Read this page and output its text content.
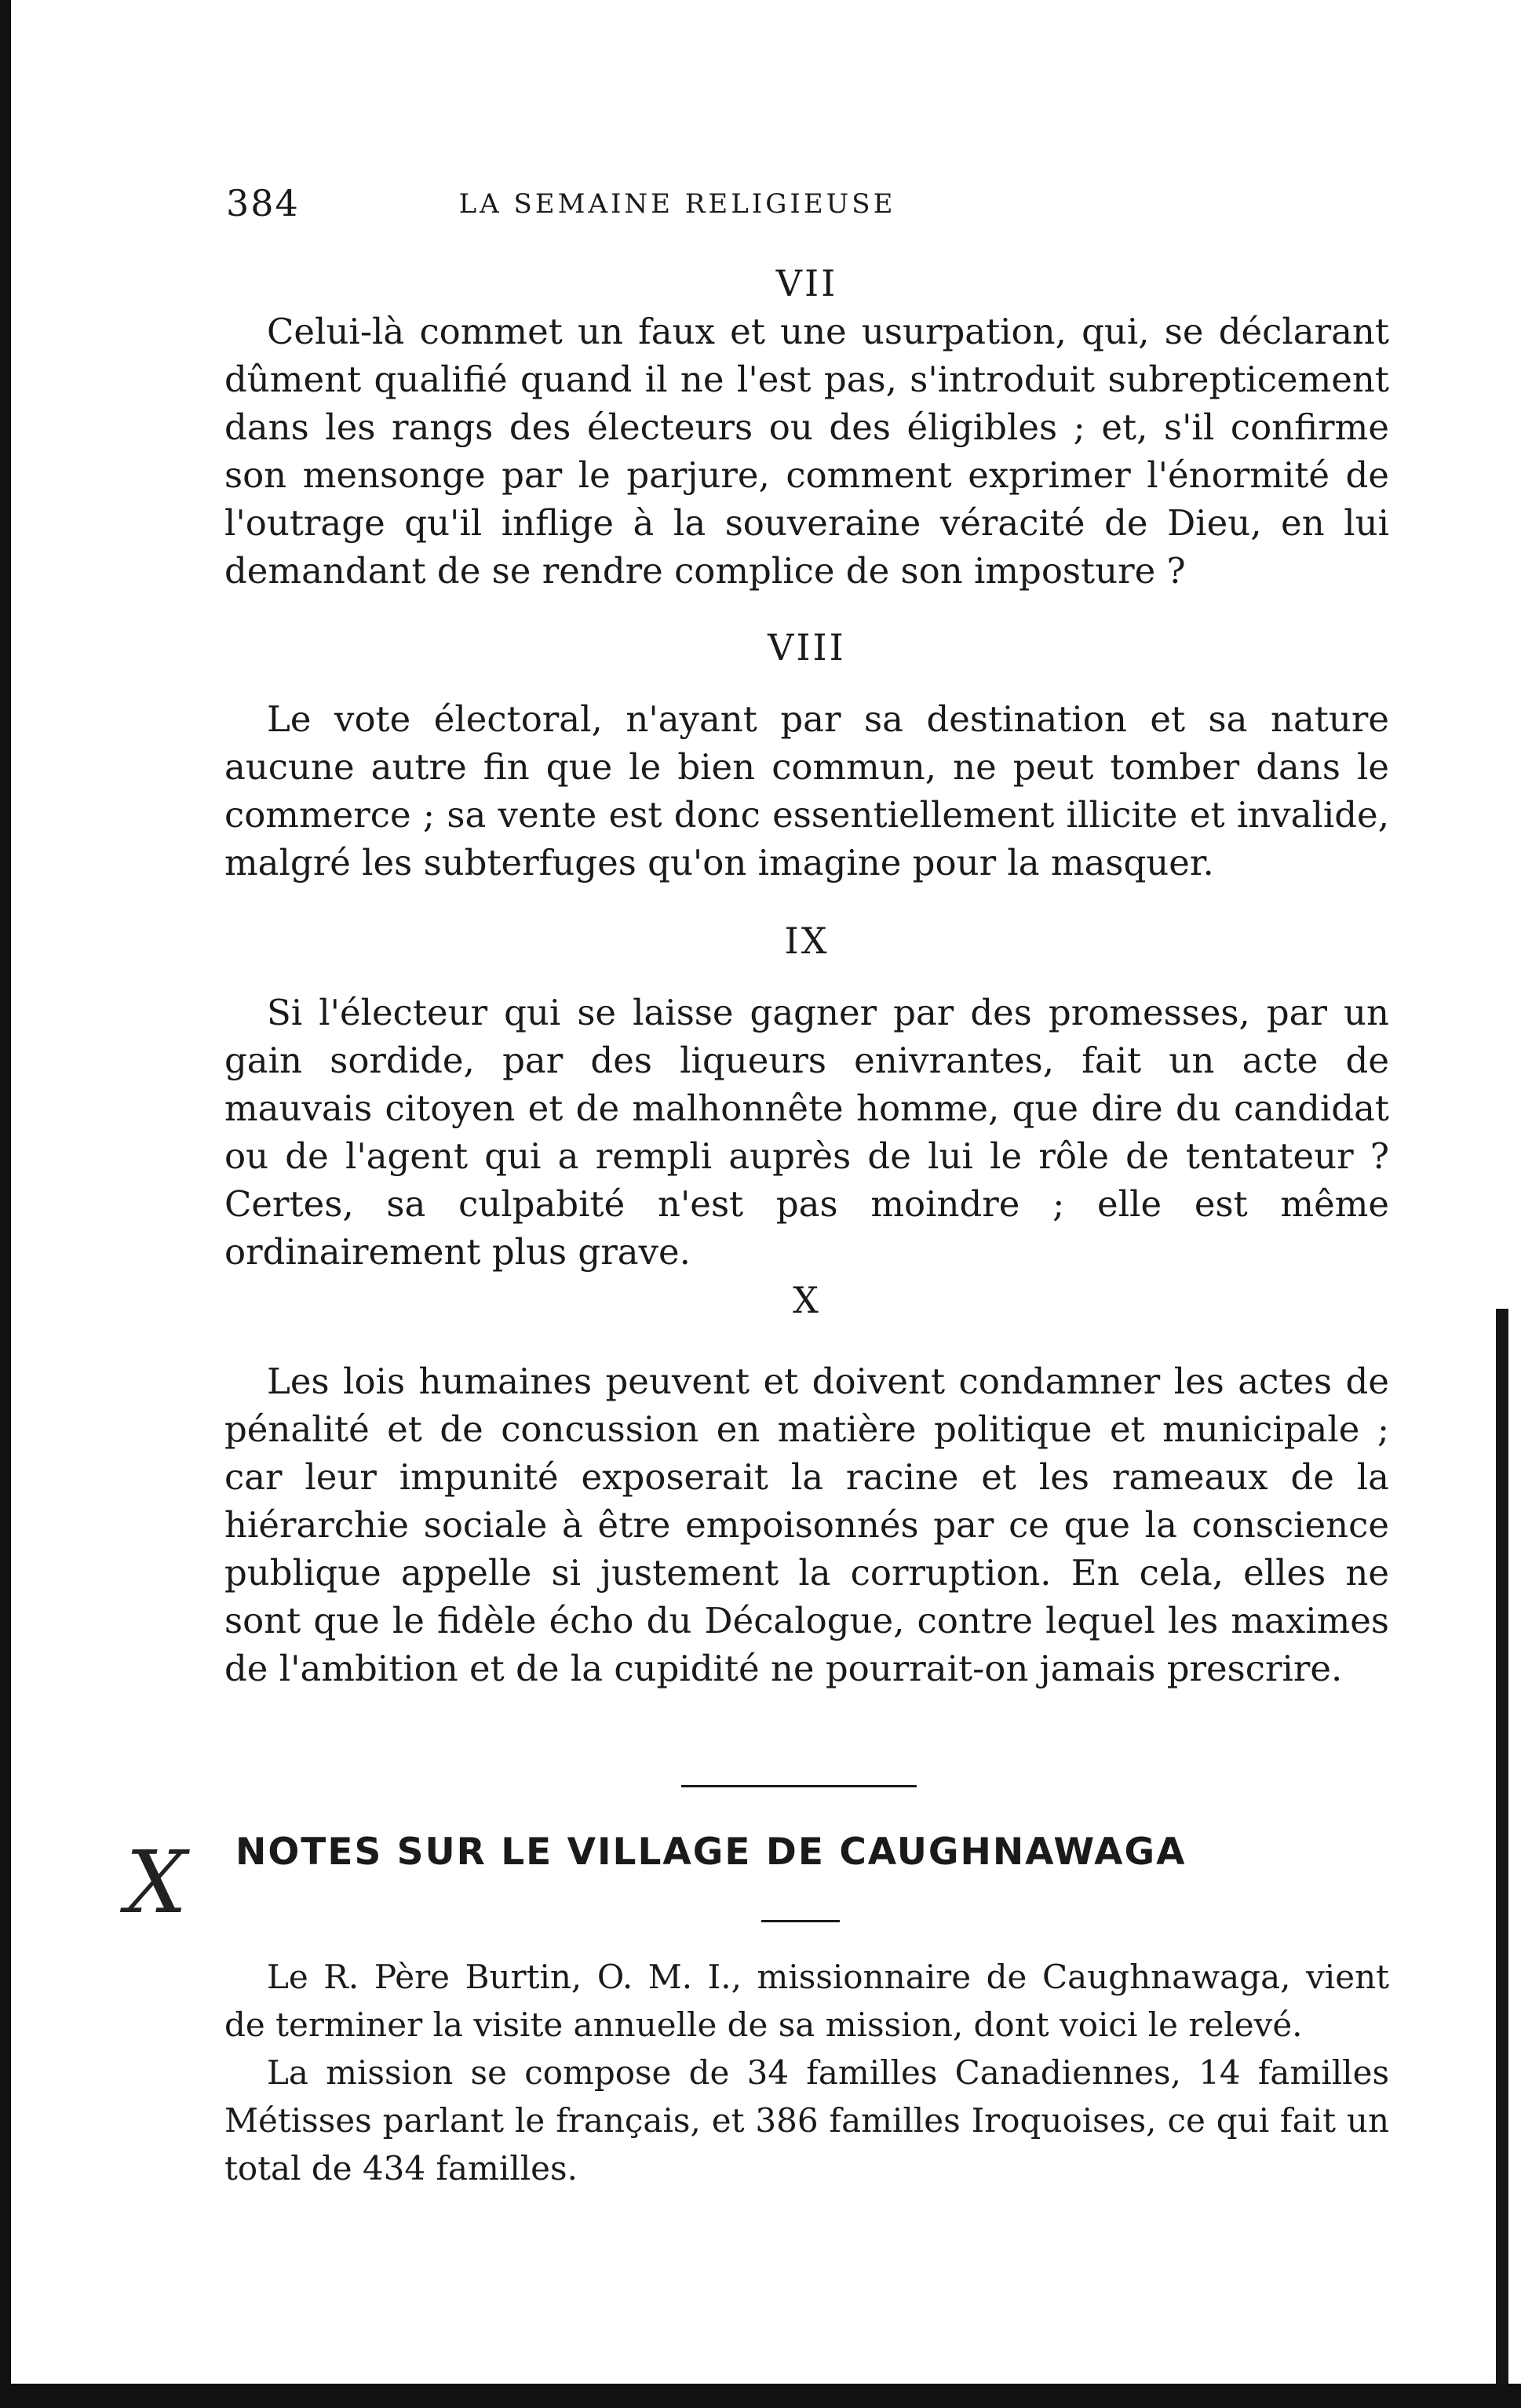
384	LA SEMAINE RELIGIEUSE
VII

Celui-là commet un faux et une usurpation, qui, se déclarant dûment qualifié quand il ne l'est pas, s'introduit subrepticement dans les rangs des électeurs ou des éligibles ; et, s'il confirme son mensonge par le parjure, comment exprimer l'énormité de l'outrage qu'il inflige à la souveraine véracité de Dieu, en lui demandant de se rendre complice de son imposture ?

VIII

Le vote électoral, n'ayant par sa destination et sa nature aucune autre fin que le bien commun, ne peut tomber dans le commerce ; sa vente est donc essentiellement illicite et invalide, malgré les subterfuges qu'on imagine pour la masquer.

IX

Si l'électeur qui se laisse gagner par des promesses, par un gain sordide, par des liqueurs enivrantes, fait un acte de mauvais citoyen et de malhonnête homme, que dire du candidat ou de l'agent qui a rempli auprès de lui le rôle de tentateur ? Certes, sa culpabité n'est pas moindre ; elle est même ordinairement plus grave.

X

Les lois humaines peuvent et doivent condamner les actes de pénalité et de concussion en matière politique et municipale ; car leur impunité exposerait la racine et les rameaux de la hiérarchie sociale à être empoisonnés par ce que la conscience publique appelle si justement la corruption. En cela, elles ne sont que le fidèle écho du Décalogue, contre lequel les maximes de l'ambition et de la cupidité ne pourrait-on jamais prescrire.

X NOTES SUR LE VILLAGE DE CAUGHNAWAGA

Le R. Père Burtin, O. M. I., missionnaire de Caughnawaga, vient de terminer la visite annuelle de sa mission, dont voici le relevé.

La mission se compose de 34 familles Canadiennes, 14 familles Métisses parlant le français, et 386 familles Iroquoises, ce qui fait un total de 434 familles.
